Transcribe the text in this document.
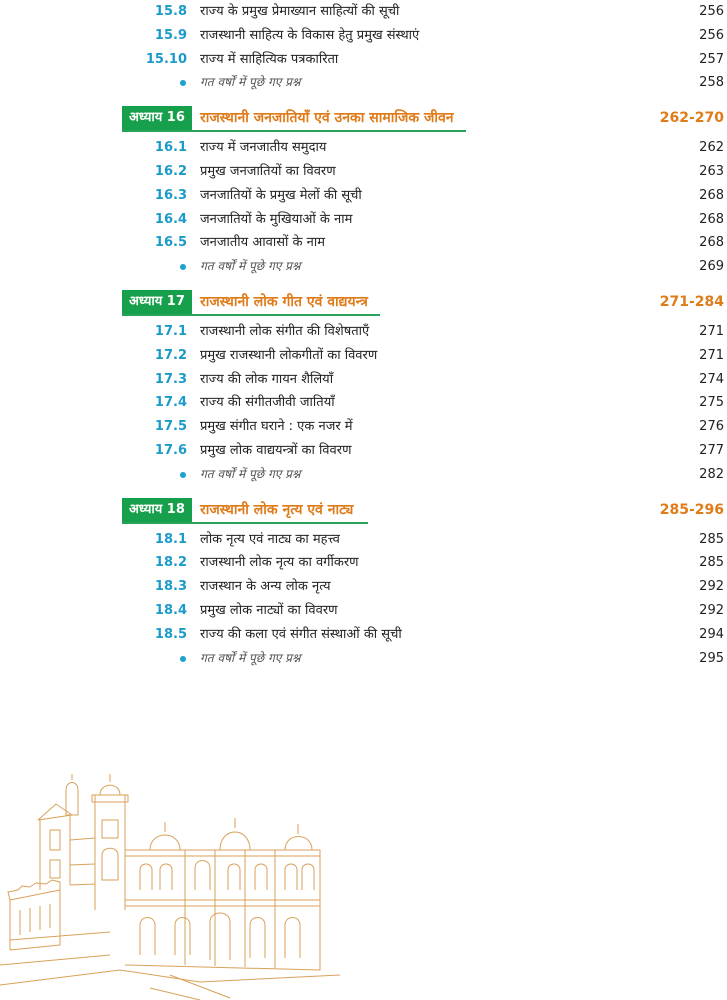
15.8 राज्य के प्रमुख प्रेमाख्यान साहित्यों की सूची	256
15.9 राजस्थानी साहित्य के विकास हेतु प्रमुख संस्थाएं	256
15.10 राज्य में साहित्यिक पत्रकारिता	257
गत वर्षों में पूछे गए प्रश्न	258
अध्याय 16	राजस्थानी जनजातियाँ एवं उनका सामाजिक जीवन	262-270
16.1 राज्य में जनजातीय समुदाय	262
16.2 प्रमुख जनजातियों का विवरण	263
16.3 जनजातियों के प्रमुख मेलों की सूची	268
16.4 जनजातियों के मुखियाओं के नाम	268
16.5 जनजातीय आवासों के नाम	268
गत वर्षों में पूछे गए प्रश्न	269
अध्याय 17	राजस्थानी लोक गीत एवं वाद्ययन्त्र	271-284
17.1 राजस्थानी लोक संगीत की विशेषताएँ	271
17.2 प्रमुख राजस्थानी लोकगीतों का विवरण	271
17.3 राज्य की लोक गायन शैलियाँ	274
17.4 राज्य की संगीतजीवी जातियाँ	275
17.5 प्रमुख संगीत घराने : एक नजर में	276
17.6 प्रमुख लोक वाद्ययन्त्रों का विवरण	277
गत वर्षों में पूछे गए प्रश्न	282
अध्याय 18	राजस्थानी लोक नृत्य एवं नाट्य	285-296
18.1 लोक नृत्य एवं नाट्य का महत्त्व	285
18.2 राजस्थानी लोक नृत्य का वर्गीकरण	285
18.3 राजस्थान के अन्य लोक नृत्य	292
18.4 प्रमुख लोक नाट्यों का विवरण	292
18.5 राज्य की कला एवं संगीत संस्थाओं की सूची	294
गत वर्षों में पूछे गए प्रश्न	295
